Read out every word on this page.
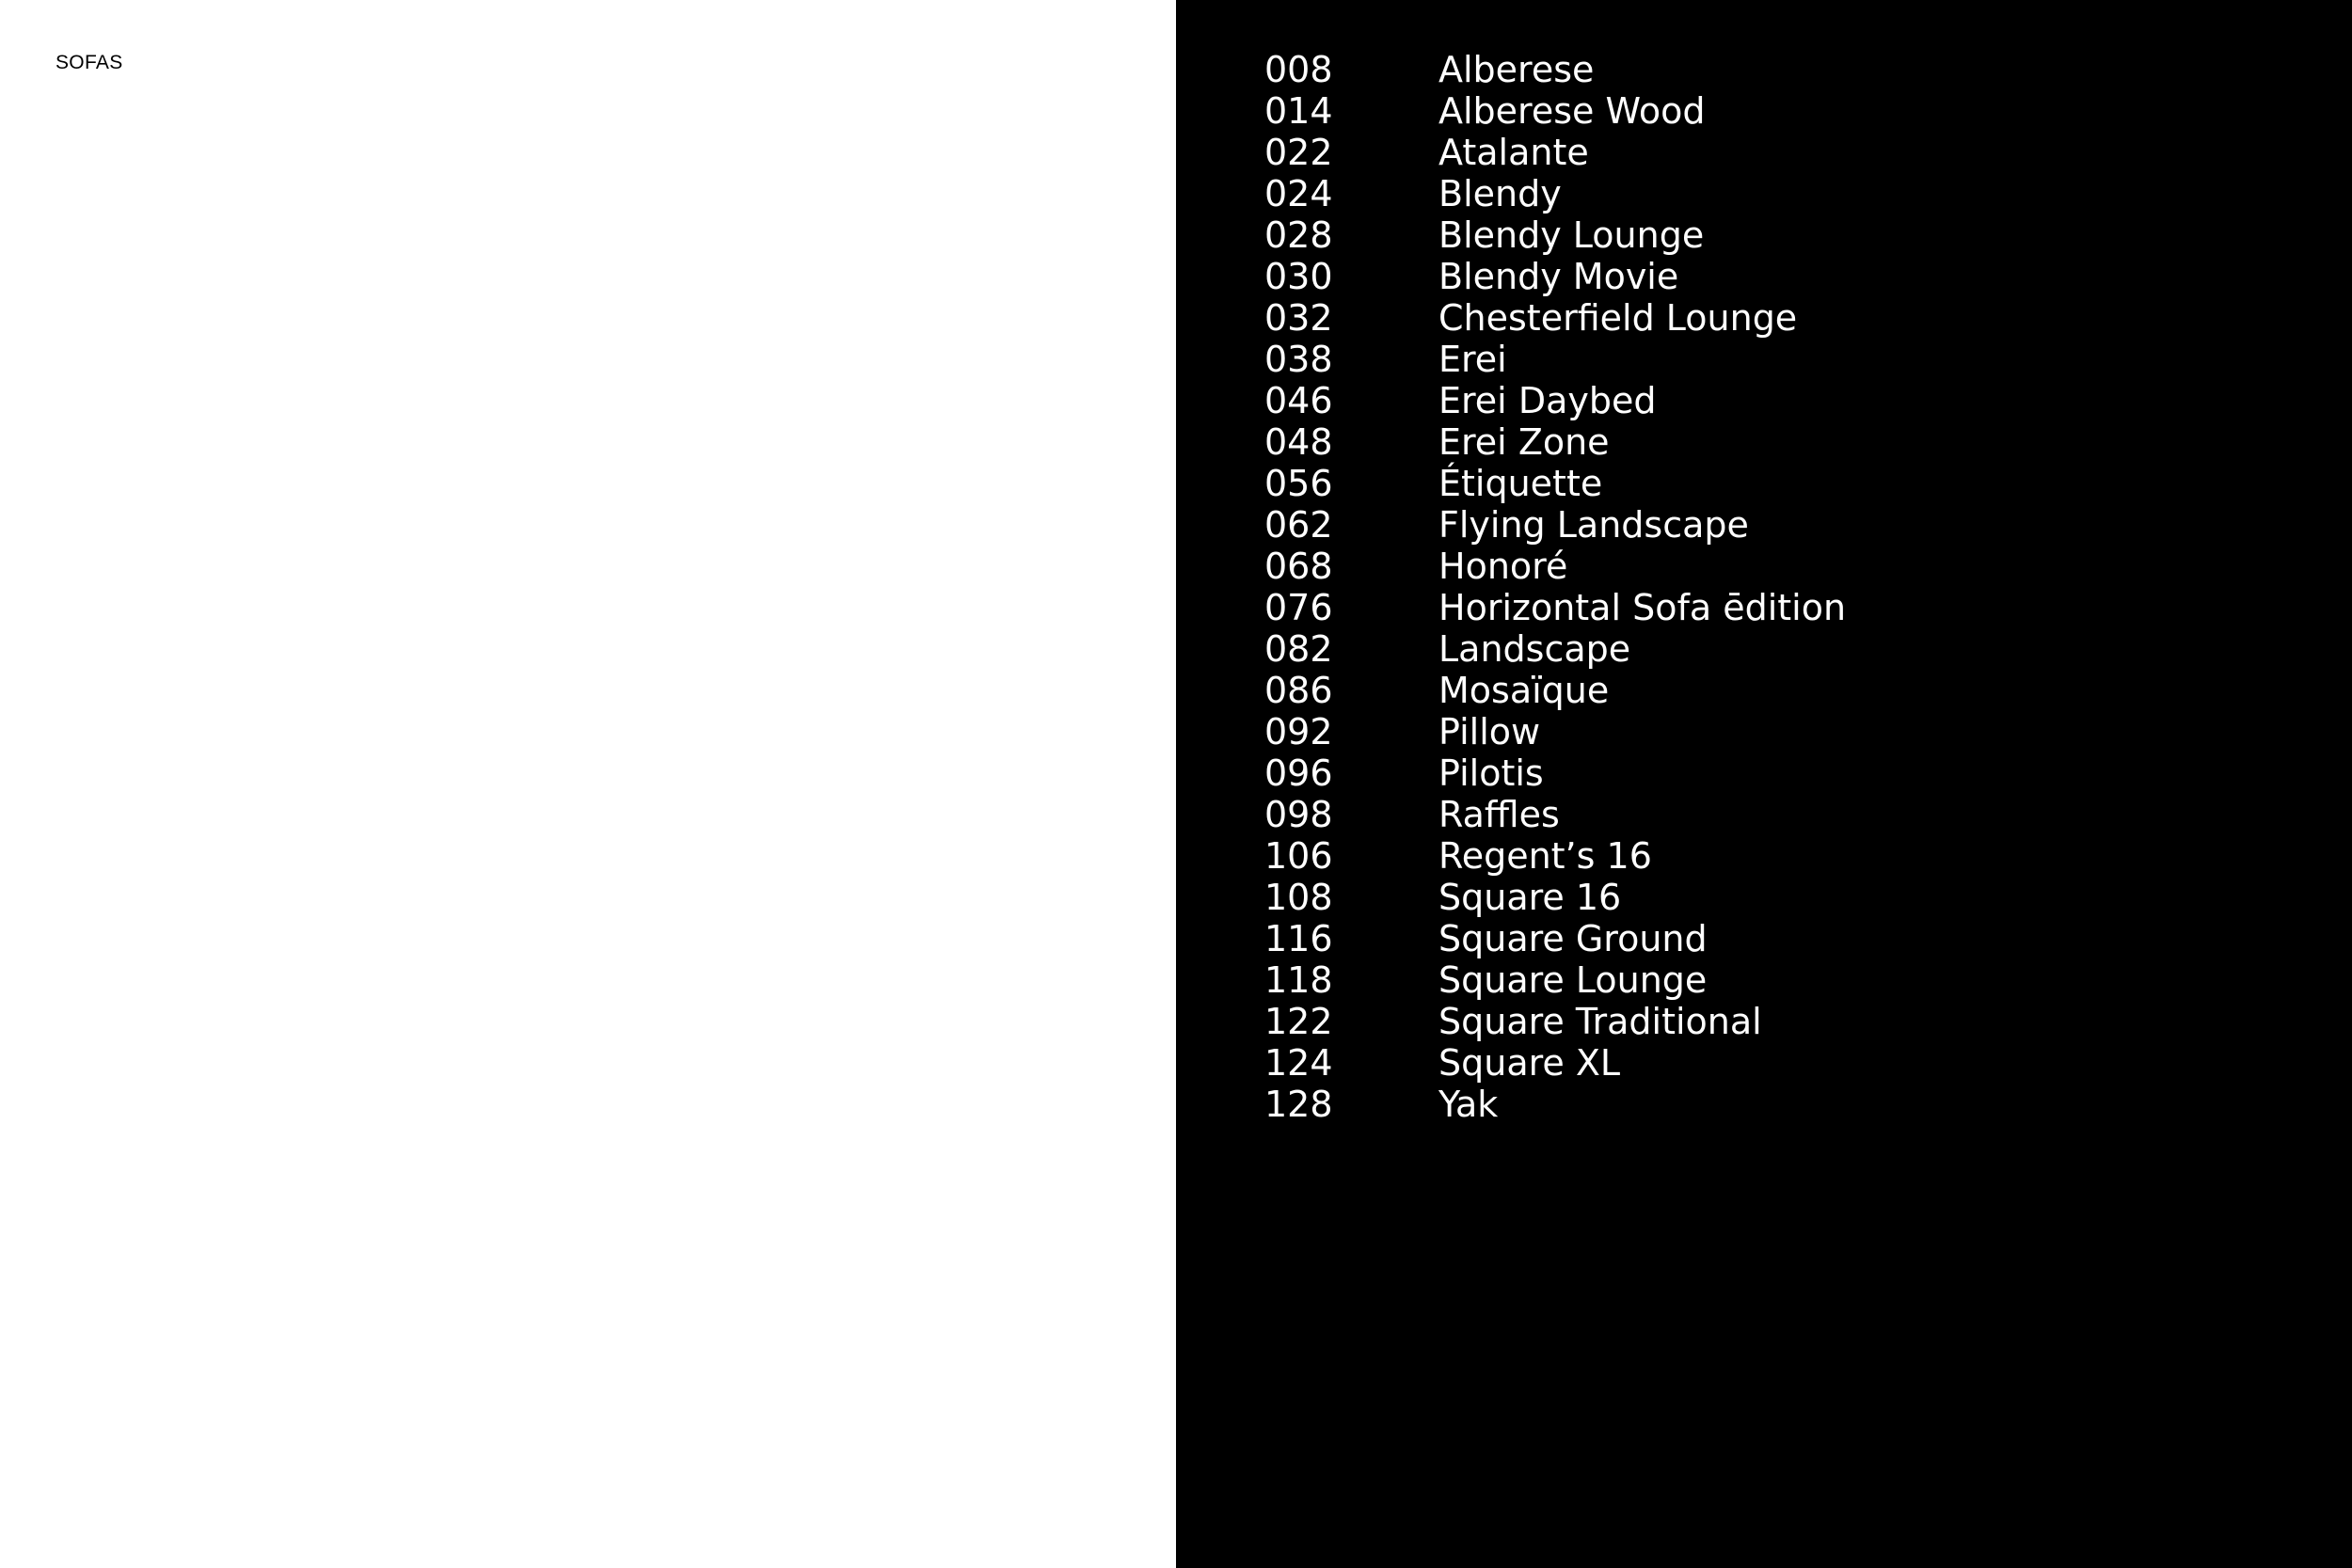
SOFAS	008	Alberese
014	Alberese Wood
022	Atalante
024	Blendy
028	Blendy Lounge
030	Blendy Movie
032	Chesterfield Lounge
038	Erei
046	Erei Daybed
048	Erei Zone
056	Étiquette
062	Flying Landscape
068	Honoré
076	Horizontal Sofa ēdition
082	Landscape
086	Mosaïque
092	Pillow
096	Pilotis
098	Raffles
106	Regent’s 16
108	Square 16
116	Square Ground
118	Square Lounge
122	Square Traditional
124	Square XL
128	Yak
